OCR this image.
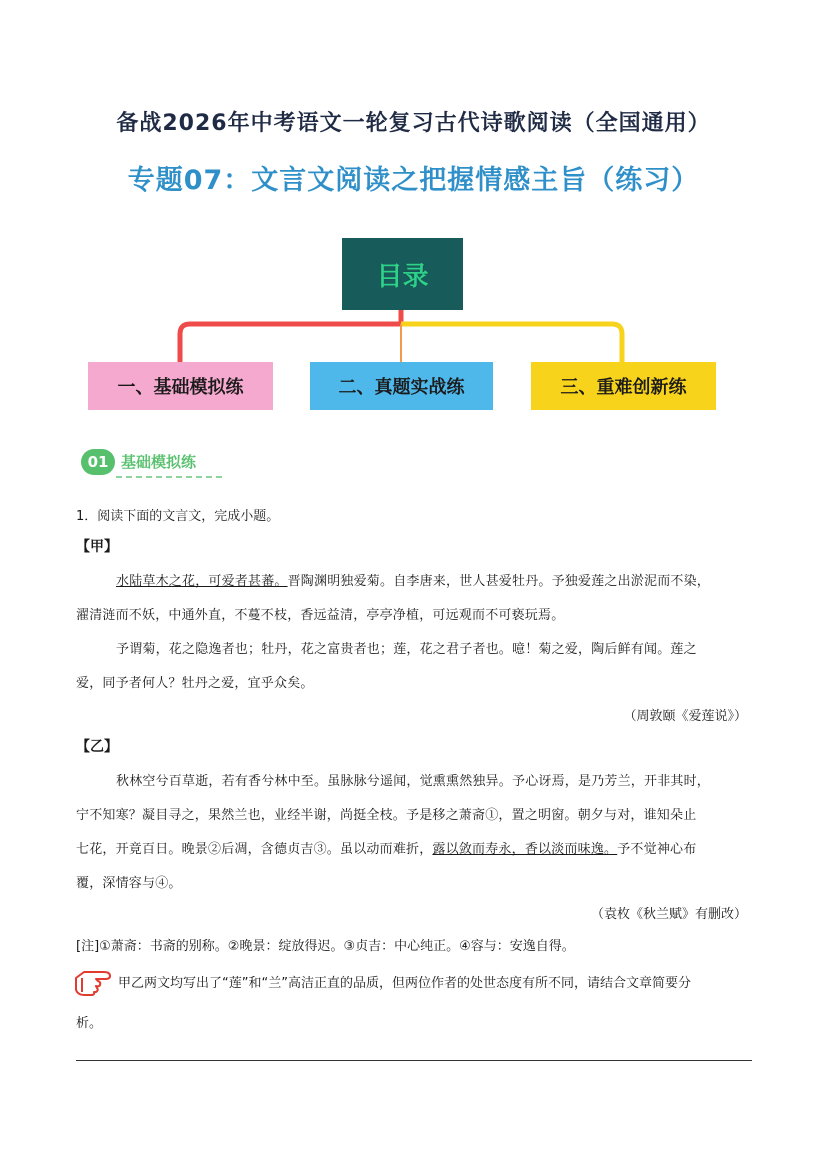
备战2026年中考语文一轮复习古代诗歌阅读（全国通用）
专题07：文言文阅读之把握情感主旨（练习）
目录
一、基础模拟练	二、真题实战练	三、重难创新练
01 基础模拟练
1．阅读下面的文言文，完成小题。
【甲】
水陆草木之花，可爱者甚蕃。晋陶渊明独爱菊。自李唐来，世人甚爱牡丹。予独爱莲之出淤泥而不染，
濯清涟而不妖，中通外直，不蔓不枝，香远益清，亭亭净植，可远观而不可亵玩焉。
予谓菊，花之隐逸者也；牡丹，花之富贵者也；莲，花之君子者也。噫！菊之爱，陶后鲜有闻。莲之
爱，同予者何人？牡丹之爱，宜乎众矣。
（周敦颐《爱莲说》）
【乙】
秋林空兮百草逝，若有香兮林中至。虽脉脉兮遥闻，觉熏熏然独异。予心讶焉，是乃芳兰，开非其时，
宁不知寒？凝目寻之，果然兰也，业经半谢，尚挺全枝。予是移之萧斋①，置之明窗。朝夕与对，谁知朵止
七花，开竟百日。晚景②后凋，含德贞吉③。虽以动而难折，露以敛而寿永，香以淡而味逸。予不觉神心布
覆，深情容与④。
（袁枚《秋兰赋》有删改）
[注]①萧斋：书斋的别称。②晚景：绽放得迟。③贞吉：中心纯正。④容与：安逸自得。
甲乙两文均写出了“莲”和“兰”高洁正直的品质，但两位作者的处世态度有所不同，请结合文章简要分
析。
